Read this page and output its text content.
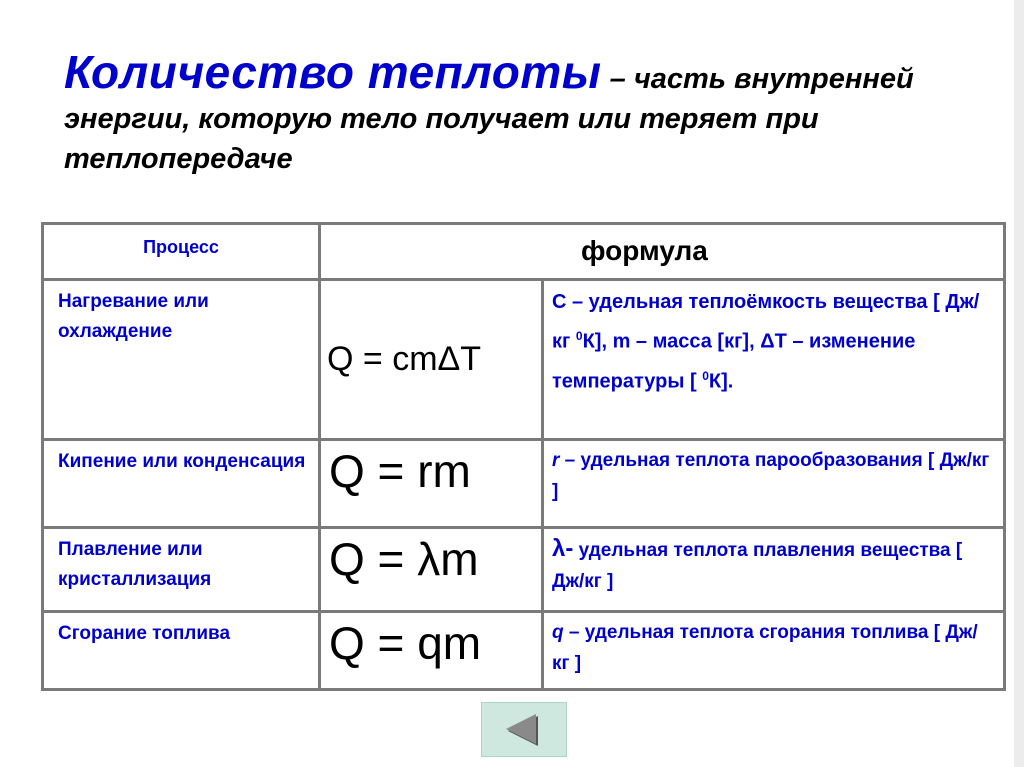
Количество теплоты – часть внутренней энергии, которую тело получает или теряет при теплопередаче
Процесс	формула	

Нагревание или охлаждение	Q = cmΔT	С – удельная теплоёмкость вещества [ Дж/кг $^0$К], m – масса [кг], ΔТ – изменение температуры [ $^0$К].
Кипение или конденсация	Q = rm	r – удельная теплота парообразования [ Дж/кг ]
Плавление или кристаллизация	Q = λm	λ- удельная теплота плавления вещества [ Дж/кг ]
Сгорание топлива	Q = qm	q – удельная теплота сгорания топлива [ Дж/кг ]
